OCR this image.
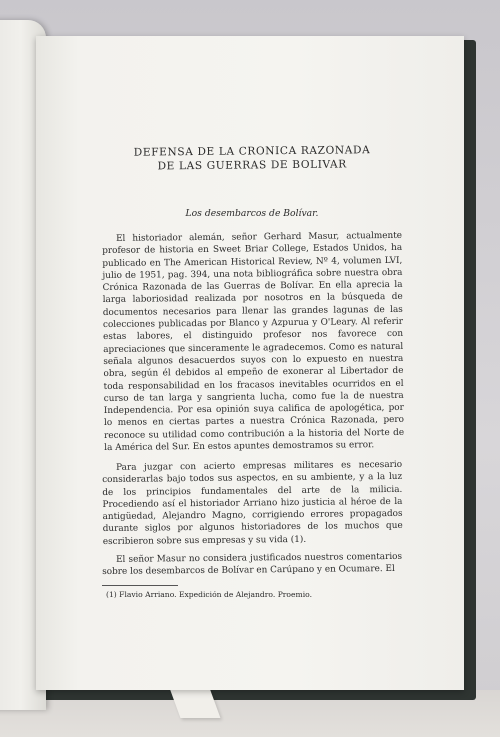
DEFENSA DE LA CRONICA RAZONADA
DE LAS GUERRAS DE BOLIVAR

Los desembarcos de Bolívar.

El historiador alemán, señor Gerhard Masur, actualmente profesor de historia en Sweet Briar College, Estados Unidos, ha publicado en The American Historical Review, Nº 4, volumen LVI, julio de 1951, pag. 394, una nota bibliográfica sobre nuestra obra Crónica Razonada de las Guerras de Bolívar. En ella aprecia la larga laboriosidad realizada por nosotros en la búsqueda de documentos necesarios para llenar las grandes lagunas de las colecciones publicadas por Blanco y Azpurua y O'Leary. Al referir estas labores, el distinguido profesor nos favorece con apreciaciones que sinceramente le agradecemos. Como es natural señala algunos desacuerdos suyos con lo expuesto en nuestra obra, según él debidos al empeño de exonerar al Libertador de toda responsabilidad en los fracasos inevitables ocurridos en el curso de tan larga y sangrienta lucha, como fue la de nuestra Independencia. Por esa opinión suya califica de apologética, por lo menos en ciertas partes a nuestra Crónica Razonada, pero reconoce su utilidad como contribución a la historia del Norte de la América del Sur. En estos apuntes demostramos su error.

Para juzgar con acierto empresas militares es necesario considerarlas bajo todos sus aspectos, en su ambiente, y a la luz de los principios fundamentales del arte de la milicia. Procediendo así el historiador Arriano hizo justicia al héroe de la antigüedad, Alejandro Magno, corrigiendo errores propagados durante siglos por algunos historiadores de los muchos que escribieron sobre sus empresas y su vida (1).

El señor Masur no considera justificados nuestros comentarios sobre los desembarcos de Bolívar en Carúpano y en Ocumare. El

(1) Flavio Arriano. Expedición de Alejandro. Proemio.
